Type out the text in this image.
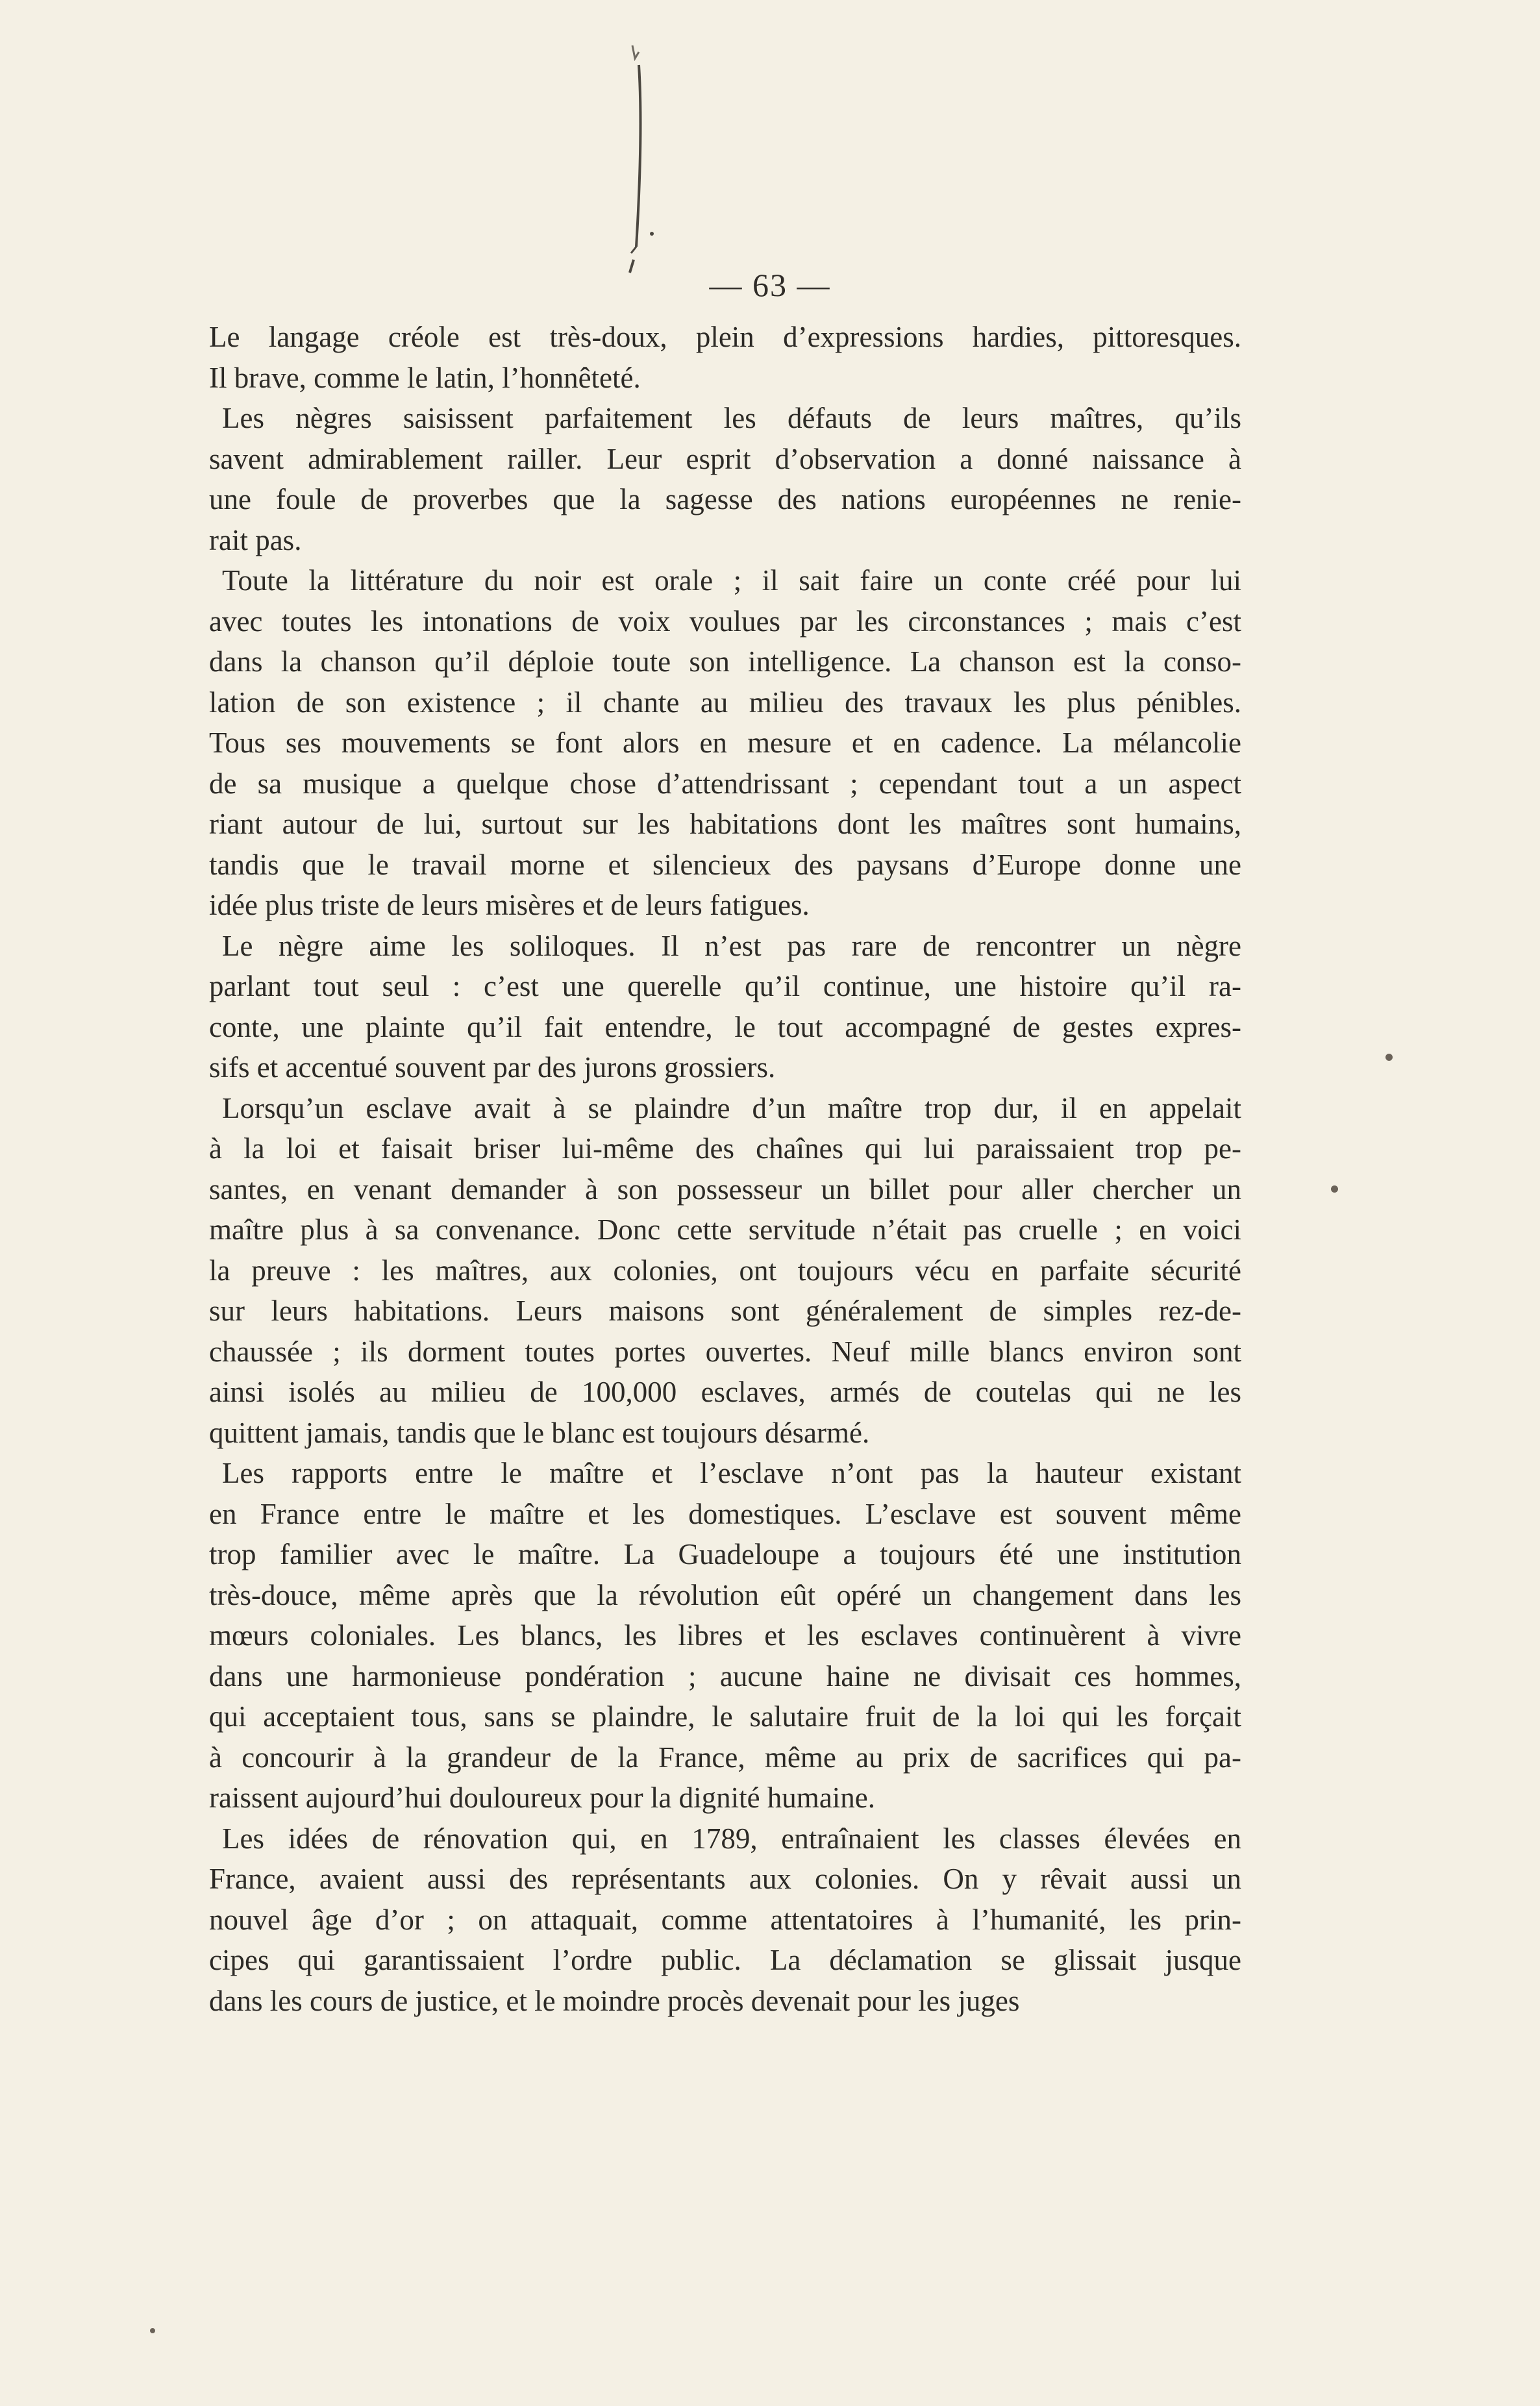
— 63 —

Le langage créole est très-doux, plein d’expressions hardies, pittoresques.
Il brave, comme le latin, l’honnêteté.

Les nègres saisissent parfaitement les défauts de leurs maîtres, qu’ils
savent admirablement railler. Leur esprit d’observation a donné naissance à
une foule de proverbes que la sagesse des nations européennes ne renie-
rait pas.

Toute la littérature du noir est orale ; il sait faire un conte créé pour lui
avec toutes les intonations de voix voulues par les circonstances ; mais c’est
dans la chanson qu’il déploie toute son intelligence. La chanson est la conso-
lation de son existence ; il chante au milieu des travaux les plus pénibles.
Tous ses mouvements se font alors en mesure et en cadence. La mélancolie
de sa musique a quelque chose d’attendrissant ; cependant tout a un aspect
riant autour de lui, surtout sur les habitations dont les maîtres sont humains,
tandis que le travail morne et silencieux des paysans d’Europe donne une
idée plus triste de leurs misères et de leurs fatigues.

Le nègre aime les soliloques. Il n’est pas rare de rencontrer un nègre
parlant tout seul : c’est une querelle qu’il continue, une histoire qu’il ra-
conte, une plainte qu’il fait entendre, le tout accompagné de gestes expres-
sifs et accentué souvent par des jurons grossiers.

Lorsqu’un esclave avait à se plaindre d’un maître trop dur, il en appelait
à la loi et faisait briser lui-même des chaînes qui lui paraissaient trop pe-
santes, en venant demander à son possesseur un billet pour aller chercher un
maître plus à sa convenance. Donc cette servitude n’était pas cruelle ; en voici
la preuve : les maîtres, aux colonies, ont toujours vécu en parfaite sécurité
sur leurs habitations. Leurs maisons sont généralement de simples rez-de-
chaussée ; ils dorment toutes portes ouvertes. Neuf mille blancs environ sont
ainsi isolés au milieu de 100,000 esclaves, armés de coutelas qui ne les
quittent jamais, tandis que le blanc est toujours désarmé.

Les rapports entre le maître et l’esclave n’ont pas la hauteur existant
en France entre le maître et les domestiques. L’esclave est souvent même
trop familier avec le maître. La Guadeloupe a toujours été une institution
très-douce, même après que la révolution eût opéré un changement dans les
mœurs coloniales. Les blancs, les libres et les esclaves continuèrent à vivre
dans une harmonieuse pondération ; aucune haine ne divisait ces hommes,
qui acceptaient tous, sans se plaindre, le salutaire fruit de la loi qui les forçait
à concourir à la grandeur de la France, même au prix de sacrifices qui pa-
raissent aujourd’hui douloureux pour la dignité humaine.

Les idées de rénovation qui, en 1789, entraînaient les classes élevées en
France, avaient aussi des représentants aux colonies. On y rêvait aussi un
nouvel âge d’or ; on attaquait, comme attentatoires à l’humanité, les prin-
cipes qui garantissaient l’ordre public. La déclamation se glissait jusque
dans les cours de justice, et le moindre procès devenait pour les juges
